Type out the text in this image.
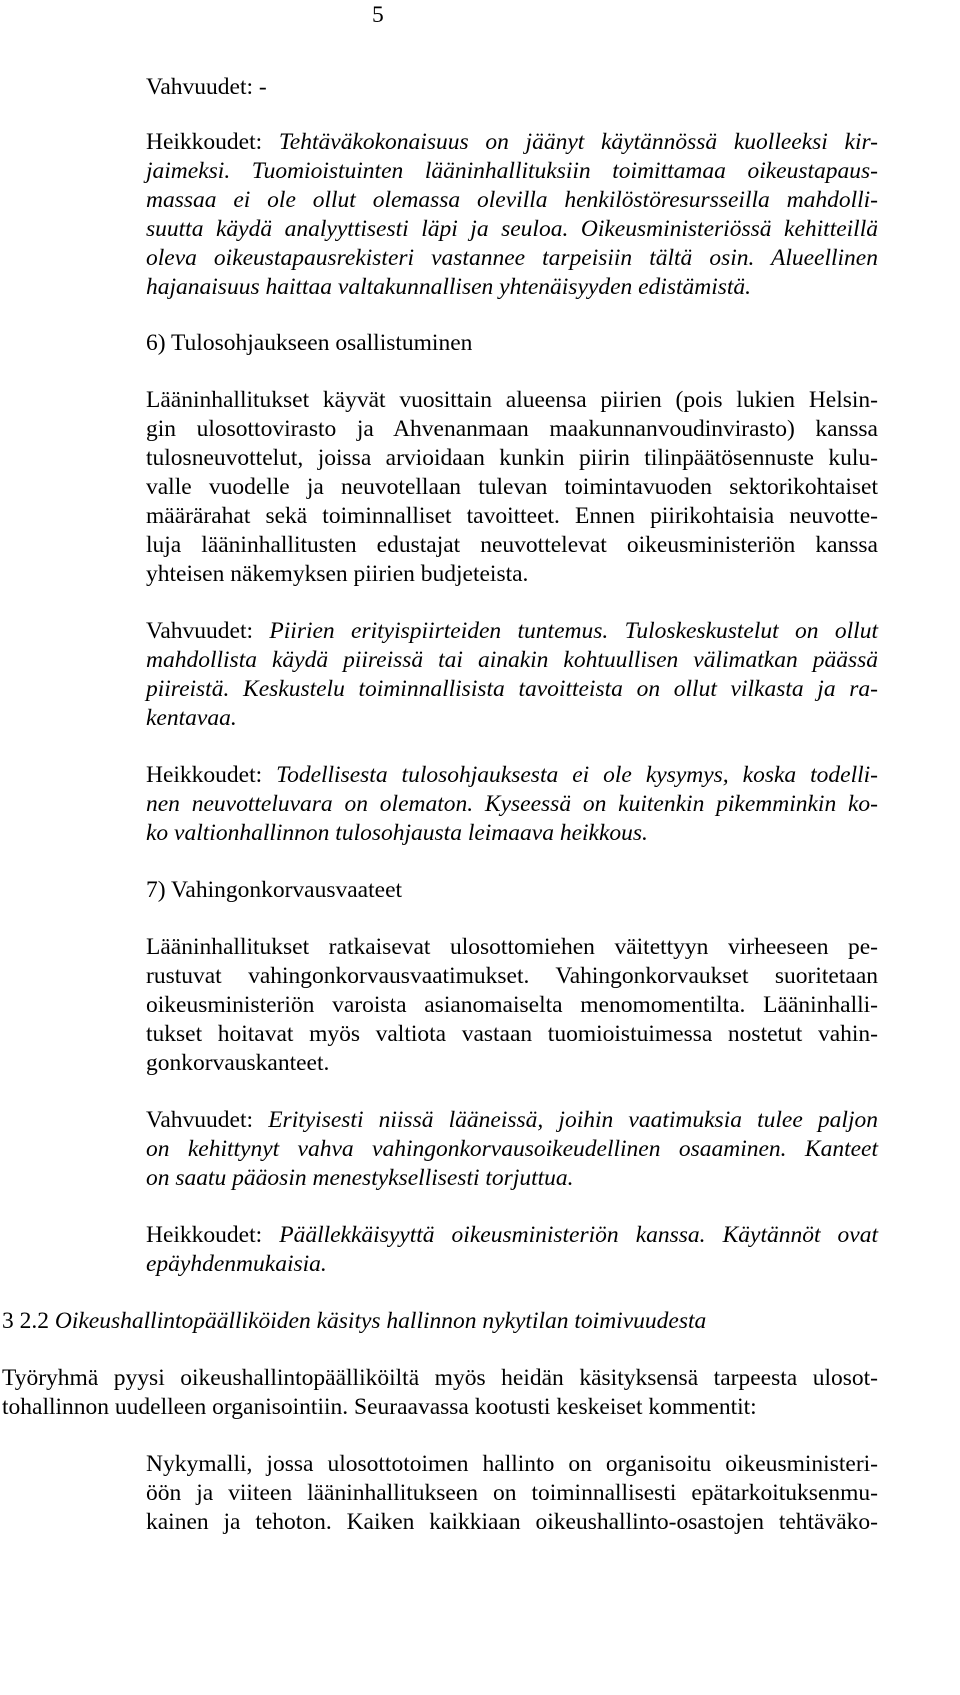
5
Vahvuudet: -
Heikkoudet: Tehtäväkokonaisuus on jäänyt käytännössä kuolleeksi kir-
jaimeksi. Tuomioistuinten lääninhallituksiin toimittamaa oikeustapaus-
massaa ei ole ollut olemassa olevilla henkilöstöresursseilla mahdolli-
suutta käydä analyyttisesti läpi ja seuloa. Oikeusministeriössä kehitteillä
oleva oikeustapausrekisteri vastannee tarpeisiin tältä osin. Alueellinen
hajanaisuus haittaa valtakunnallisen yhtenäisyyden edistämistä.
6) Tulosohjaukseen osallistuminen
Lääninhallitukset käyvät vuosittain alueensa piirien (pois lukien Helsin-
gin ulosottovirasto ja Ahvenanmaan maakunnanvoudinvirasto) kanssa
tulosneuvottelut, joissa arvioidaan kunkin piirin tilinpäätösennuste kulu-
valle vuodelle ja neuvotellaan tulevan toimintavuoden sektorikohtaiset
määrärahat sekä toiminnalliset tavoitteet. Ennen piirikohtaisia neuvotte-
luja lääninhallitusten edustajat neuvottelevat oikeusministeriön kanssa
yhteisen näkemyksen piirien budjeteista.
Vahvuudet: Piirien erityispiirteiden tuntemus. Tuloskeskustelut on ollut
mahdollista käydä piireissä tai ainakin kohtuullisen välimatkan päässä
piireistä. Keskustelu toiminnallisista tavoitteista on ollut vilkasta ja ra-
kentavaa.
Heikkoudet: Todellisesta tulosohjauksesta ei ole kysymys, koska todelli-
nen neuvotteluvara on olematon. Kyseessä on kuitenkin pikemminkin ko-
ko valtionhallinnon tulosohjausta leimaava heikkous.
7) Vahingonkorvausvaateet
Lääninhallitukset ratkaisevat ulosottomiehen väitettyyn virheeseen pe-
rustuvat vahingonkorvausvaatimukset. Vahingonkorvaukset suoritetaan
oikeusministeriön varoista asianomaiselta menomomentilta. Lääninhalli-
tukset hoitavat myös valtiota vastaan tuomioistuimessa nostetut vahin-
gonkorvauskanteet.
Vahvuudet: Erityisesti niissä lääneissä, joihin vaatimuksia tulee paljon
on kehittynyt vahva vahingonkorvausoikeudellinen osaaminen. Kanteet
on saatu pääosin menestyksellisesti torjuttua.
Heikkoudet: Päällekkäisyyttä oikeusministeriön kanssa. Käytännöt ovat
epäyhdenmukaisia.
3 2.2 Oikeushallintopäälliköiden käsitys hallinnon nykytilan toimivuudesta
Työryhmä pyysi oikeushallintopäälliköiltä myös heidän käsityksensä tarpeesta ulosot-
tohallinnon uudelleen organisointiin. Seuraavassa kootusti keskeiset kommentit:
Nykymalli, jossa ulosottotoimen hallinto on organisoitu oikeusministeri-
öön ja viiteen lääninhallitukseen on toiminnallisesti epätarkoituksenmu-
kainen ja tehoton. Kaiken kaikkiaan oikeushallinto-osastojen tehtäväko-
